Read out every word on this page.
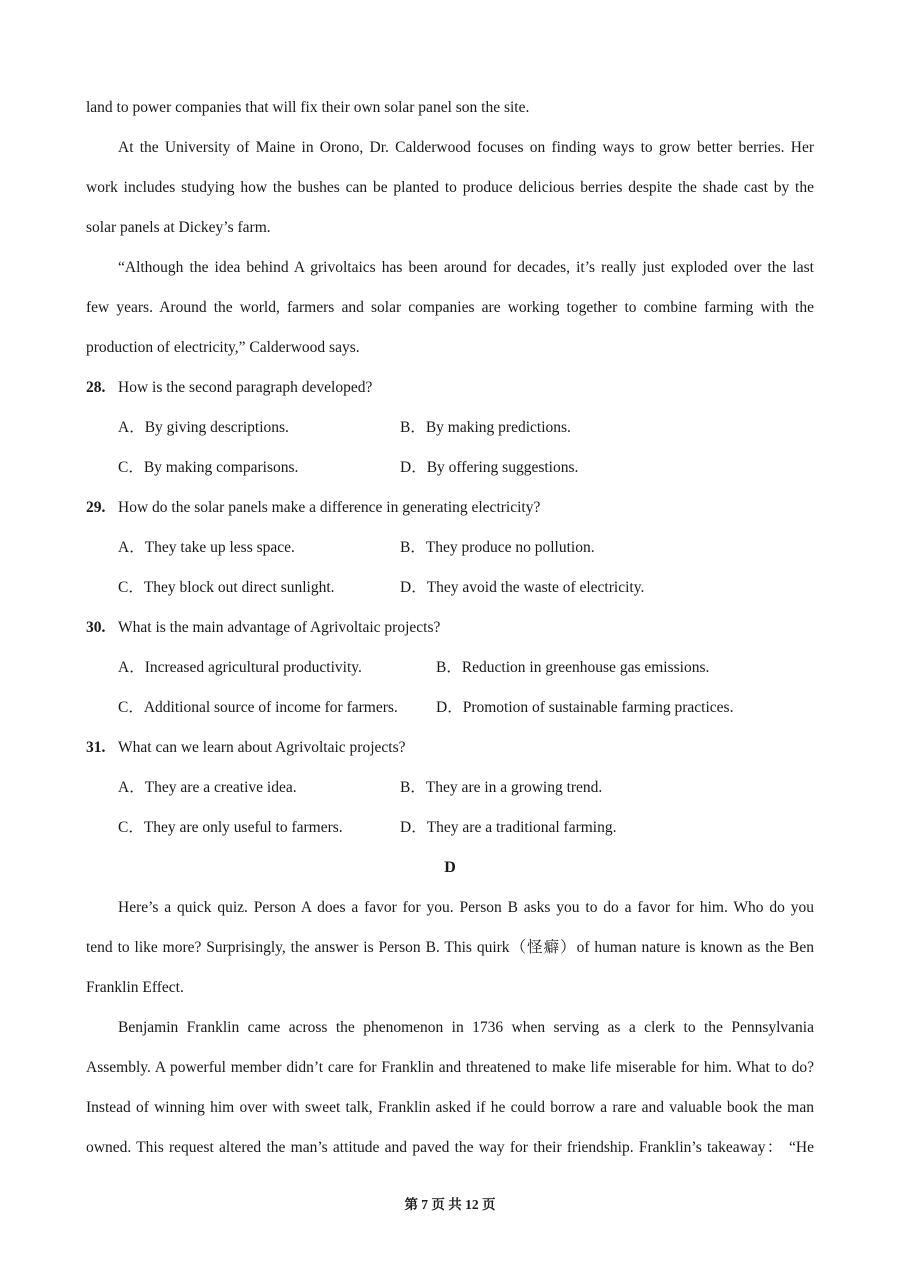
land to power companies that will fix their own solar panel son the site.
At the University of Maine in Orono, Dr. Calderwood focuses on finding ways to grow better berries. Her
work includes studying how the bushes can be planted to produce delicious berries despite the shade cast by the
solar panels at Dickey’s farm.
“Although the idea behind A grivoltaics has been around for decades, it’s really just exploded over the last
few years. Around the world, farmers and solar companies are working together to combine farming with the
production of electricity,” Calderwood says.
28. How is the second paragraph developed?
A．By giving descriptions.	B．By making predictions.
C．By making comparisons.	D．By offering suggestions.
29. How do the solar panels make a difference in generating electricity?
A．They take up less space.	B．They produce no pollution.
C．They block out direct sunlight.	D．They avoid the waste of electricity.
30. What is the main advantage of Agrivoltaic projects?
A．Increased agricultural productivity.	B．Reduction in greenhouse gas emissions.
C．Additional source of income for farmers. D．Promotion of sustainable farming practices.
31. What can we learn about Agrivoltaic projects?
A．They are a creative idea.	B．They are in a growing trend.
C．They are only useful to farmers.	D．They are a traditional farming.
D
Here’s a quick quiz. Person A does a favor for you. Person B asks you to do a favor for him. Who do you
tend to like more? Surprisingly, the answer is Person B. This quirk（怪癖）of human nature is known as the Ben
Franklin Effect.
Benjamin Franklin came across the phenomenon in 1736 when serving as a clerk to the Pennsylvania
Assembly. A powerful member didn’t care for Franklin and threatened to make life miserable for him. What to do?
Instead of winning him over with sweet talk, Franklin asked if he could borrow a rare and valuable book the man
owned. This request altered the man’s attitude and paved the way for their friendship. Franklin’s takeaway： “He
第 7 页 共 12 页
